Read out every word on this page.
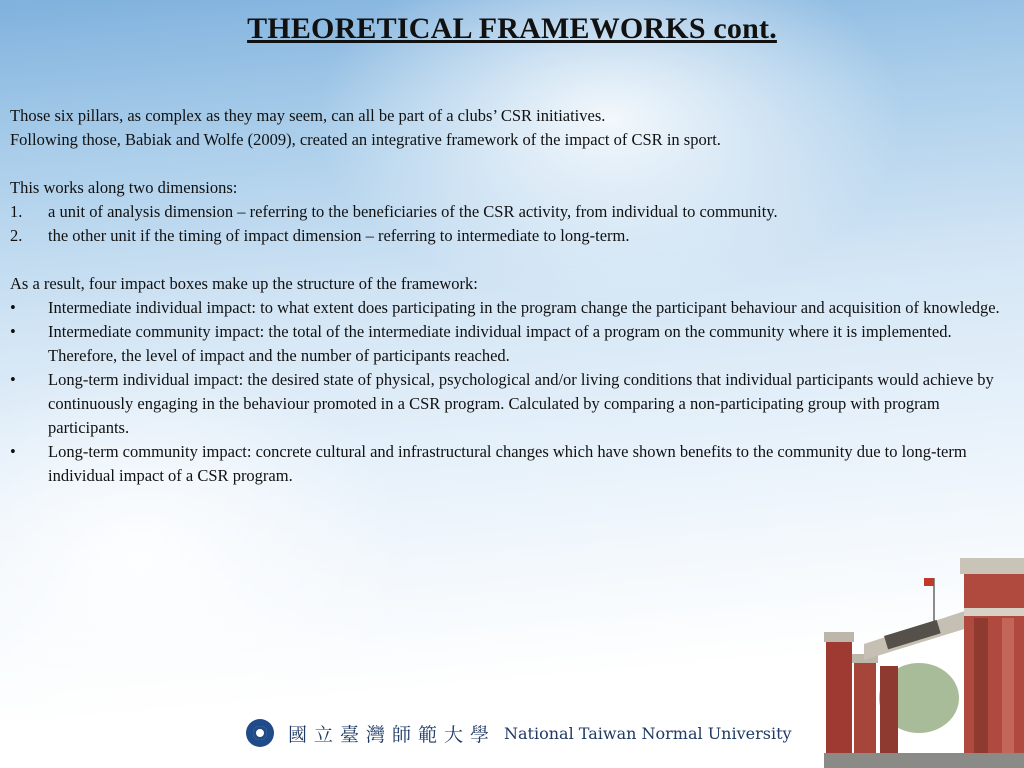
THEORETICAL FRAMEWORKS cont.
Those six pillars, as complex as they may seem, can all be part of a clubs’ CSR initiatives.
Following those, Babiak and Wolfe (2009), created an integrative framework of the impact of CSR in sport.
This works along two dimensions:
1.	a unit of analysis dimension – referring to the beneficiaries of the CSR activity, from individual to community.
2.	the other unit if the timing of impact dimension – referring to intermediate to long-term.
As a result, four impact boxes make up the structure of the framework:
•	Intermediate individual impact: to what extent does participating in the program change the participant behaviour and acquisition of knowledge.
•	Intermediate community impact: the total of the intermediate individual impact of a program on the community where it is implemented. Therefore, the level of impact and the number of participants reached.
•	Long-term individual impact: the desired state of physical, psychological and/or living conditions that individual participants would achieve by continuously engaging in the behaviour promoted in a CSR program. Calculated by comparing a non-participating group with program participants.
•	Long-term community impact: concrete cultural and infrastructural changes which have shown benefits to the community due to long-term individual impact of a CSR program.
國立臺灣師範大學 National Taiwan Normal University
